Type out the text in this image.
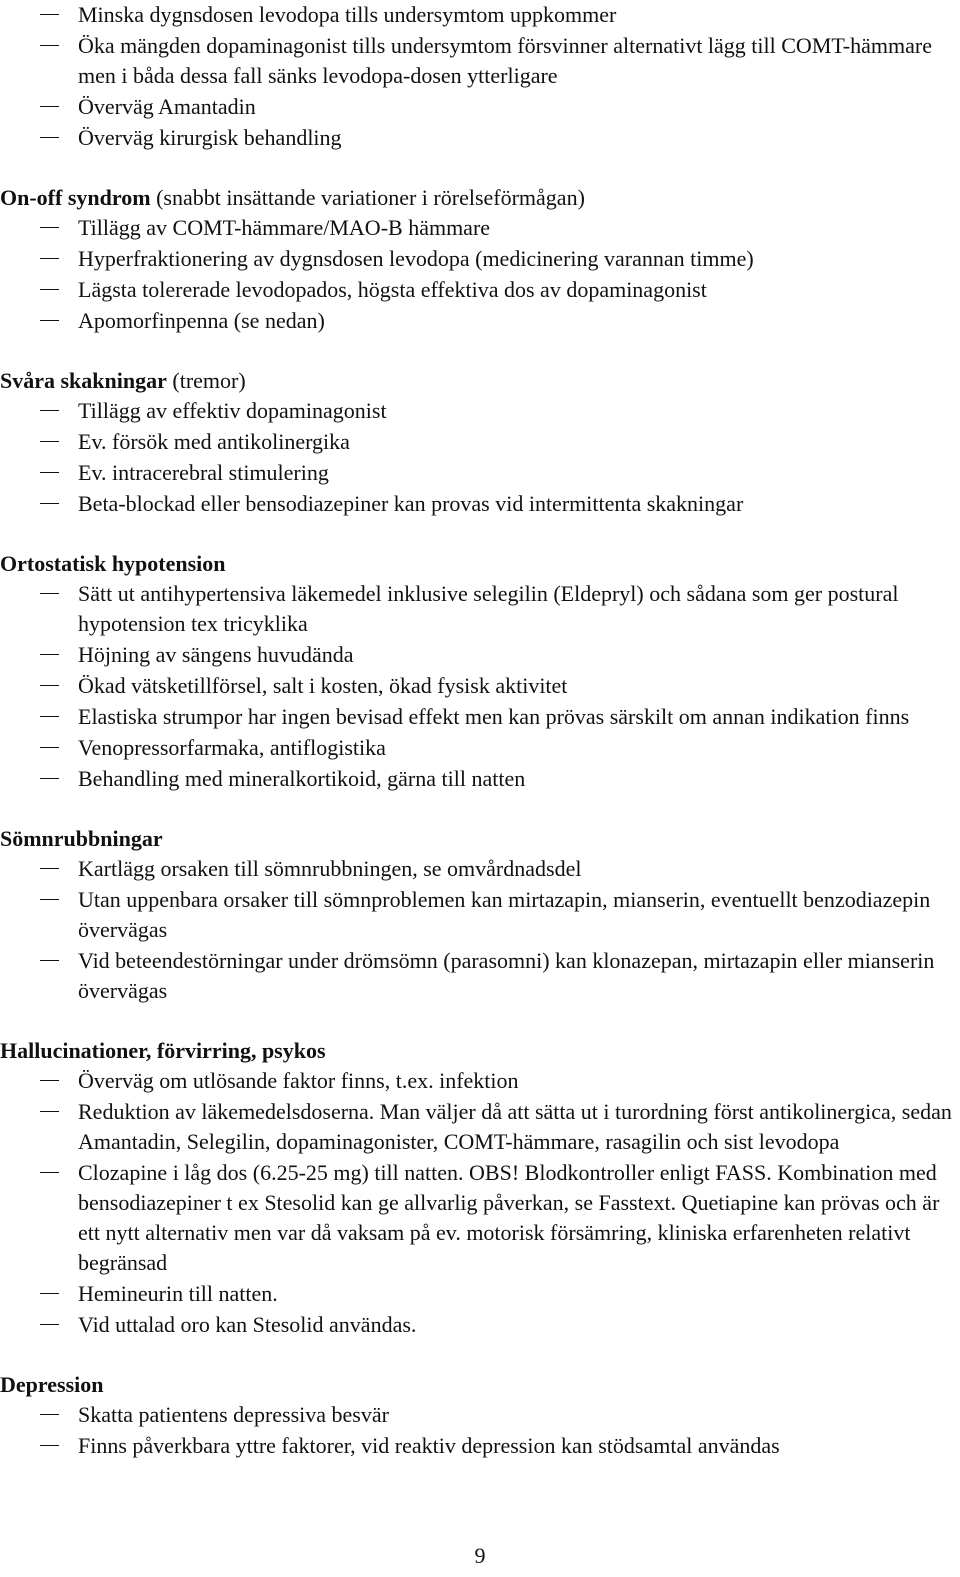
Minska dygnsdosen levodopa tills undersymtom uppkommer
Öka mängden dopaminagonist tills undersymtom försvinner alternativt lägg till COMT-hämmare men i båda dessa fall sänks levodopa-dosen ytterligare
Överväg Amantadin
Överväg kirurgisk behandling
On-off syndrom (snabbt insättande variationer i rörelseförmågan)
Tillägg av COMT-hämmare/MAO-B hämmare
Hyperfraktionering av dygnsdosen levodopa (medicinering varannan timme)
Lägsta tolererade levodopados, högsta effektiva dos av dopaminagonist
Apomorfinpenna (se nedan)
Svåra skakningar (tremor)
Tillägg av effektiv dopaminagonist
Ev. försök med antikolinergika
Ev. intracerebral stimulering
Beta-blockad eller bensodiazepiner kan provas vid intermittenta skakningar
Ortostatisk hypotension
Sätt ut antihypertensiva läkemedel inklusive selegilin (Eldepryl) och sådana som ger postural hypotension tex tricyklika
Höjning av sängens huvudända
Ökad vätsketillförsel, salt i kosten, ökad fysisk aktivitet
Elastiska strumpor har ingen bevisad effekt men kan prövas särskilt om annan indikation finns
Venopressorfarmaka, antiflogistika
Behandling med mineralkortikoid, gärna till natten
Sömnrubbningar
Kartlägg orsaken till sömnrubbningen, se omvårdnadsdel
Utan uppenbara orsaker till sömnproblemen kan mirtazapin, mianserin, eventuellt benzodiazepin övervägas
Vid beteendestörningar under drömsömn (parasomni) kan klonazepan, mirtazapin eller mianserin övervägas
Hallucinationer, förvirring, psykos
Överväg om utlösande faktor finns, t.ex. infektion
Reduktion av läkemedelsdoserna. Man väljer då att sätta ut i turordning först antikolinergica, sedan Amantadin, Selegilin, dopaminagonister, COMT-hämmare, rasagilin och sist levodopa
Clozapine i låg dos (6.25-25 mg) till natten. OBS! Blodkontroller enligt FASS. Kombination med bensodiazepiner t ex Stesolid kan ge allvarlig påverkan, se Fasstext. Quetiapine kan prövas och är ett nytt alternativ men var då vaksam på ev. motorisk försämring, kliniska erfarenheten relativt begränsad
Hemineurin till natten.
Vid uttalad oro kan Stesolid användas.
Depression
Skatta patientens depressiva besvär
Finns påverkbara yttre faktorer, vid reaktiv depression kan stödsamtal användas
9
